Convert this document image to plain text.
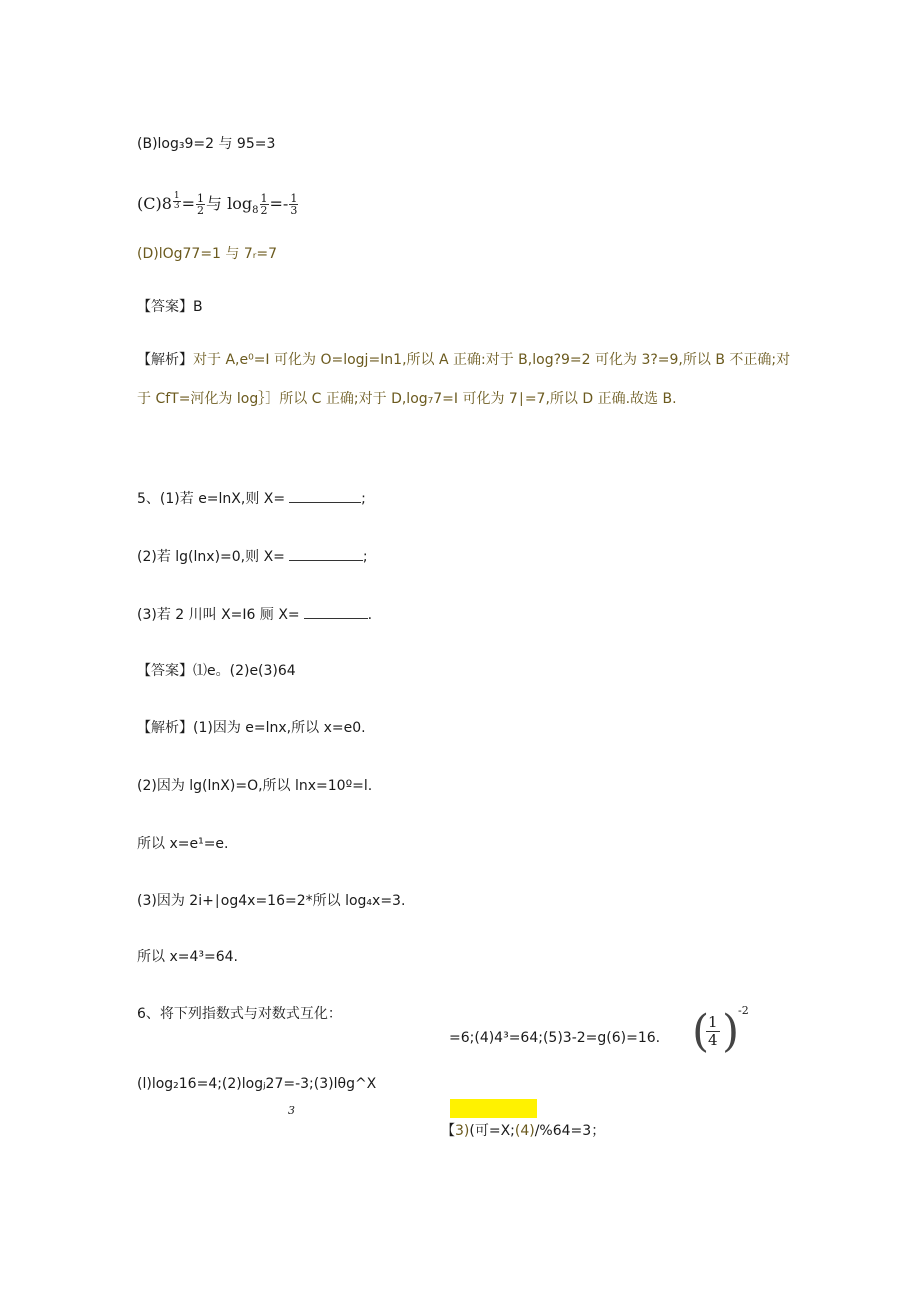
(B)log₃9=2 与 95=3
$(C)8 \frac{1}{3} = \frac{1}{2}$ 与 $\log_8 \frac{1}{2} =- \frac{1}{3}$
(D)lOg77=1 与 7ᵣ=7
【答案】B
【解析】对于 A,e⁰=I 可化为 O=logj=In1,所以 A 正确:对于 B,log?9=2 可化为 3?=9,所以 B 不正确;对
于 CfT=河化为 log｝］所以 C 正确;对于 D,log₇7=I 可化为 7∣=7,所以 D 正确.故选 B.
5、(1)若 e=lnX,则 X=	;
(2)若 lg(lnx)=0,则 X=	;
(3)若 2 川叫 X=I6 厕 X=	.
【答案】⑴e。(2)e(3)64
【解析】(1)因为 e=lnx,所以 x=e0.
(2)因为 lg(lnX)=O,所以 lnx=10º=l.
所以 x=e¹=e.
(3)因为 2i+∣og4x=16=2*所以 log₄x=3.
所以 x=4³=64.
6、将下列指数式与对数式互化：
=6;(4)4³=64;(5)3-2=g(6)=16. (
$\frac{1}{4}$ )
-2
(l)log₂16=4;(2)logⱼ27=-3;(3)lθg^X
3
【3)(可=X;(4)/%64=3；
